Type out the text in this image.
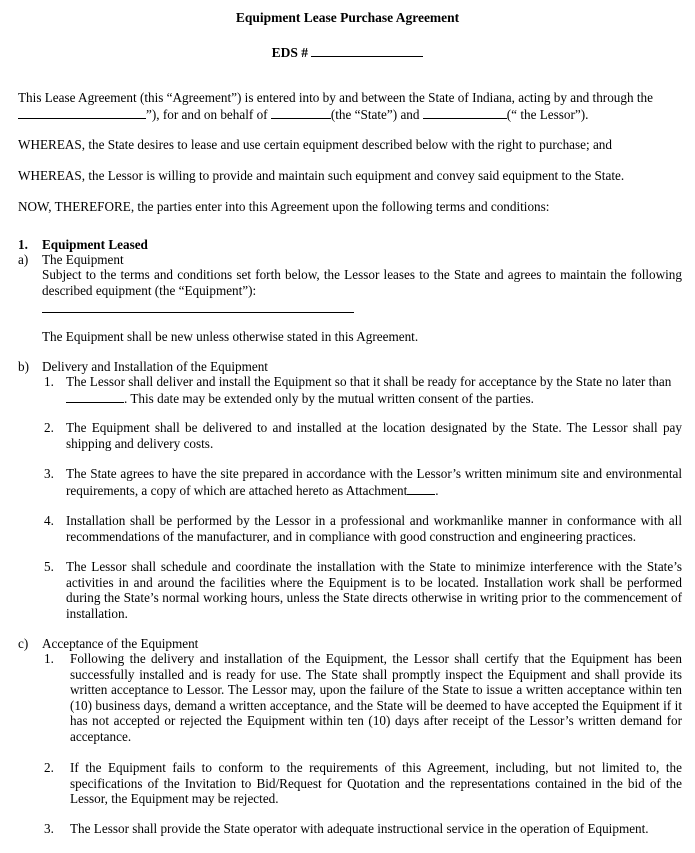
Equipment Lease Purchase Agreement
EDS #
This Lease Agreement (this “Agreement”) is entered into by and between the State of Indiana, acting by and through the
”), for and on behalf of	(the “State”) and	(“ the Lessor”).
WHEREAS, the State desires to lease and use certain equipment described below with the right to purchase; and
WHEREAS, the Lessor is willing to provide and maintain such equipment and convey said equipment to the State.
NOW, THEREFORE, the parties enter into this Agreement upon the following terms and conditions:
1. Equipment Leased
a) The Equipment
Subject to the terms and conditions set forth below, the Lessor leases to the State and agrees to maintain the following described equipment (the “Equipment”):
The Equipment shall be new unless otherwise stated in this Agreement.
b) Delivery and Installation of the Equipment
1. The Lessor shall deliver and install the Equipment so that it shall be ready for acceptance by the State no later than
. This date may be extended only by the mutual written consent of the parties.
2. The Equipment shall be delivered to and installed at the location designated by the State. The Lessor shall pay shipping and delivery costs.
3. The State agrees to have the site prepared in accordance with the Lessor’s written minimum site and environmental requirements, a copy of which are attached hereto as Attachment .
4. Installation shall be performed by the Lessor in a professional and workmanlike manner in conformance with all recommendations of the manufacturer, and in compliance with good construction and engineering practices.
5. The Lessor shall schedule and coordinate the installation with the State to minimize interference with the State’s activities in and around the facilities where the Equipment is to be located. Installation work shall be performed during the State’s normal working hours, unless the State directs otherwise in writing prior to the commencement of installation.
c) Acceptance of the Equipment
1. Following the delivery and installation of the Equipment, the Lessor shall certify that the Equipment has been successfully installed and is ready for use. The State shall promptly inspect the Equipment and shall provide its written acceptance to Lessor. The Lessor may, upon the failure of the State to issue a written acceptance within ten (10) business days, demand a written acceptance, and the State will be deemed to have accepted the Equipment if it has not accepted or rejected the Equipment within ten (10) days after receipt of the Lessor’s written demand for acceptance.
2. If the Equipment fails to conform to the requirements of this Agreement, including, but not limited to, the specifications of the Invitation to Bid/Request for Quotation and the representations contained in the bid of the Lessor, the Equipment may be rejected.
3. The Lessor shall provide the State operator with adequate instructional service in the operation of Equipment.
